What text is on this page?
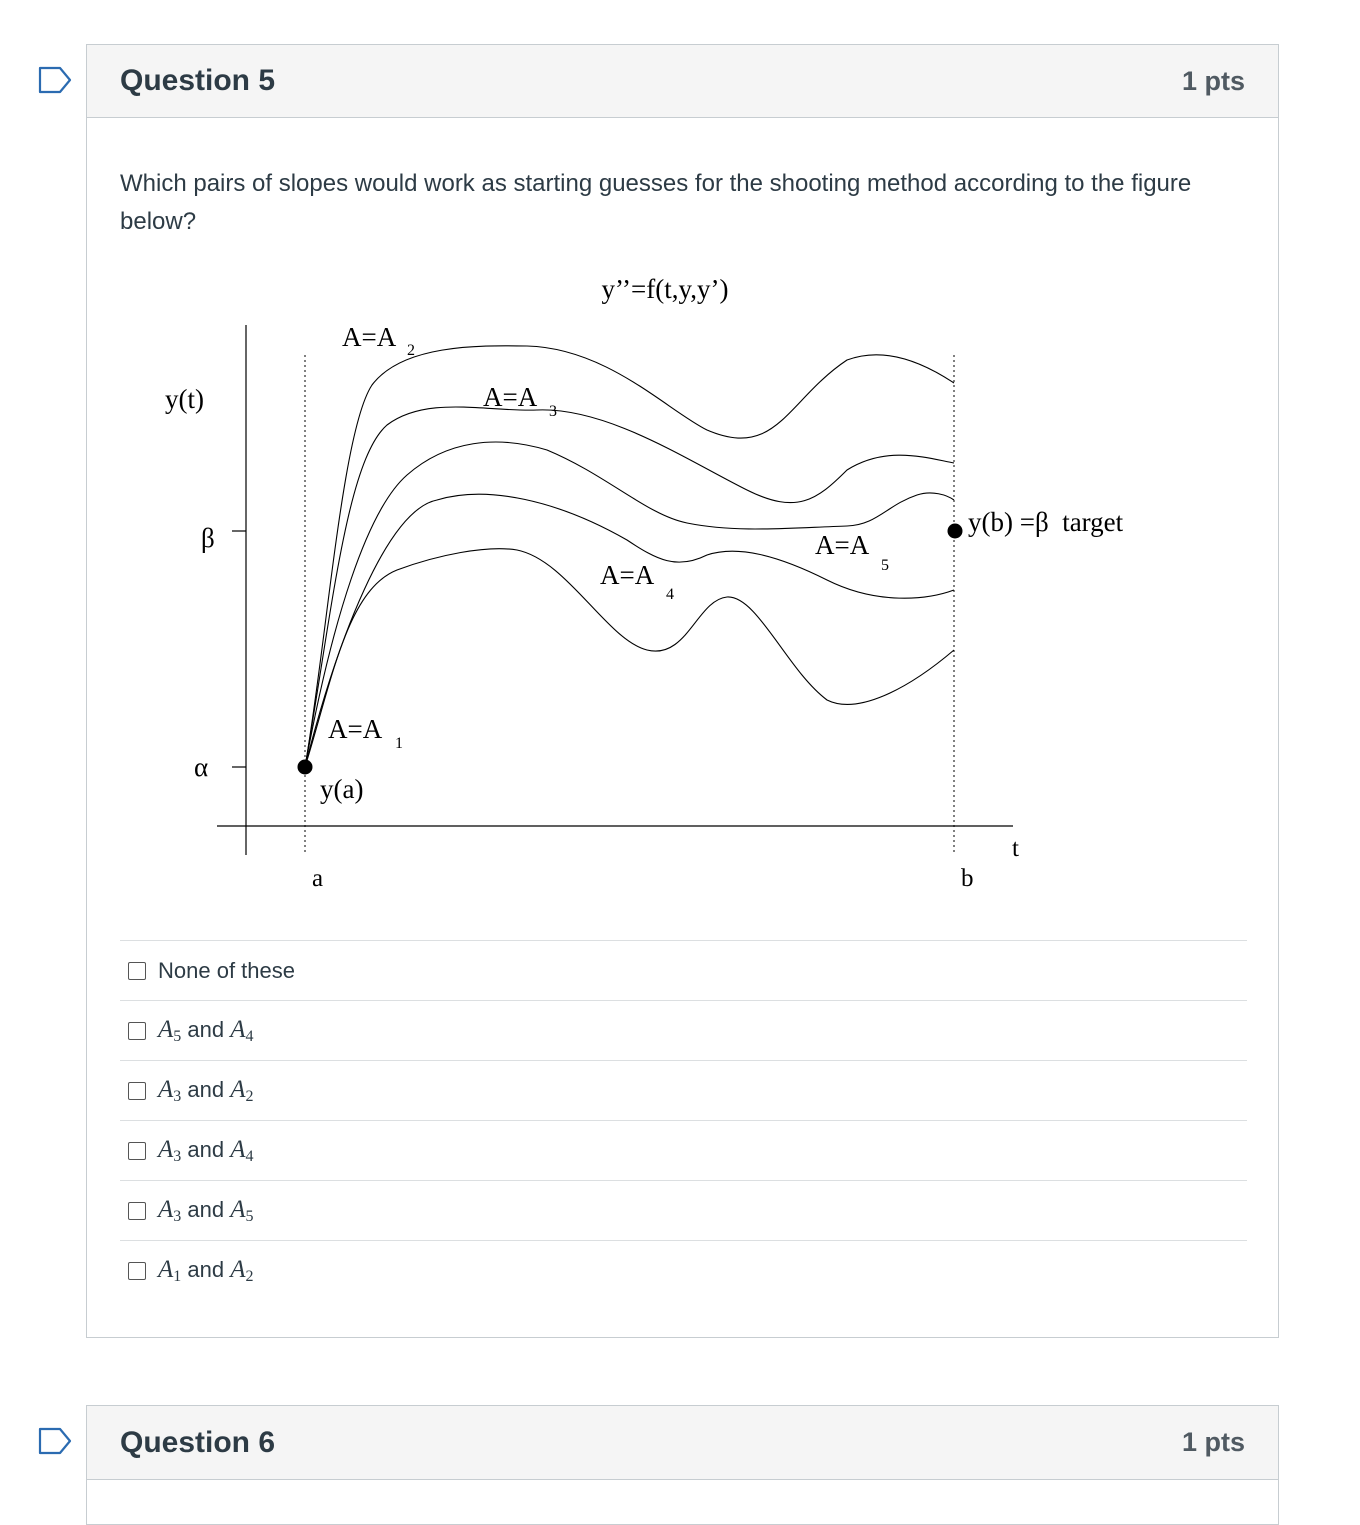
Question 5	1 pts

Which pairs of slopes would work as starting guesses for the shooting method according to the figure below?

y’’=f(t,y,y’)
y(t)
β
α
t
a	b
y(a)
y(b) =β  target
A=A 2
A=A 3
A=A
5
A=A
4
A=A 1
None of these
$A_5$ and $A_4$
$A_3$ and $A_2$
$A_3$ and $A_4$
$A_3$ and $A_5$
$A_1$ and $A_2$
Question 6	1 pts
